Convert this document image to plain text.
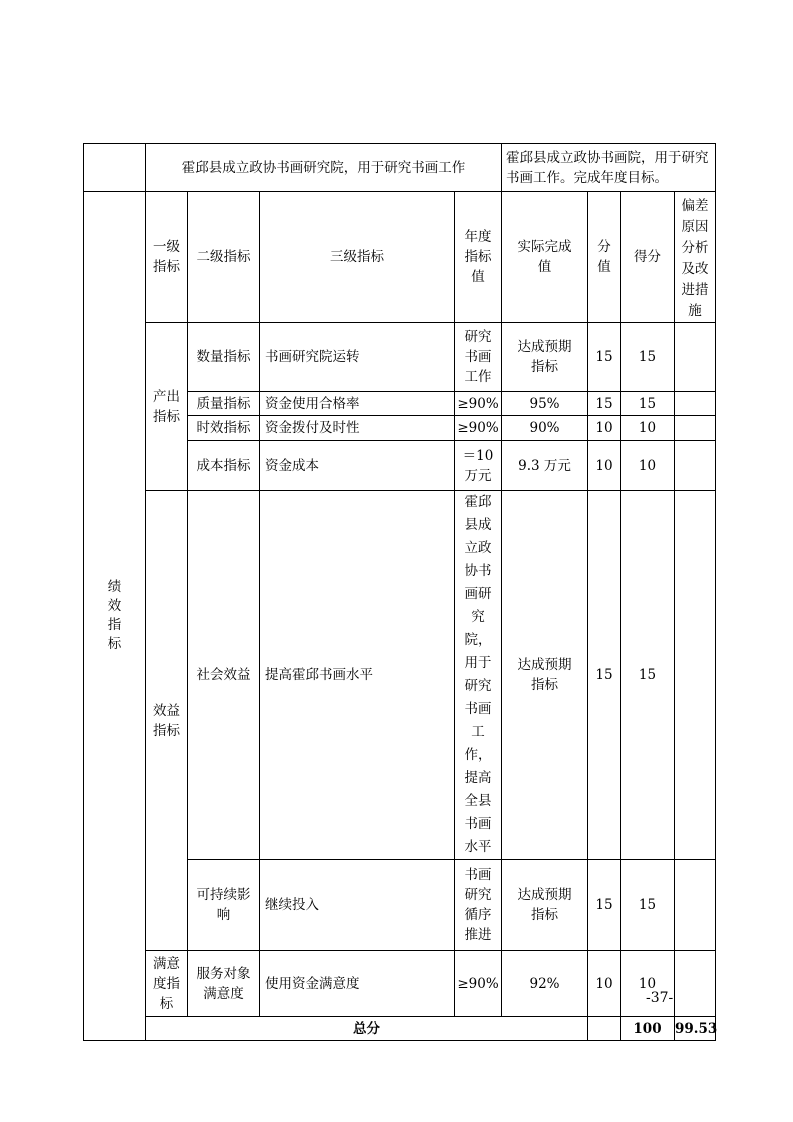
	霍邱县成立政协书画研究院，用于研究书画工作				霍邱县成立政协书画院，用于研究书画工作。完成年度目标。				

绩效指标	一级指标	二级指标	三级指标	年度指标值	实际完成值	分值	得分	偏差原因分析及改进措施	

	产出指标	数量指标	书画研究院运转	研究书画工作	达成预期指标	15	15		
		质量指标	资金使用合格率	≥90%	95%	15	15		
		时效指标	资金拨付及时性	≥90%	90%	10	10		
		成本指标	资金成本	＝10万元	9.3 万元	10	10		

	效益指标	社会效益	提高霍邱书画水平	霍邱县成立政协书画研究院，用于研究书画工作，提高全县书画水平	达成预期指标	15	15		

		可持续影响	继续投入	书画研究循序推进	达成预期指标	15	15		

	满意度指标	服务对象满意度	使用资金满意度	≥90%	92%	10	10		
	总分						100	99.53	
-37-
